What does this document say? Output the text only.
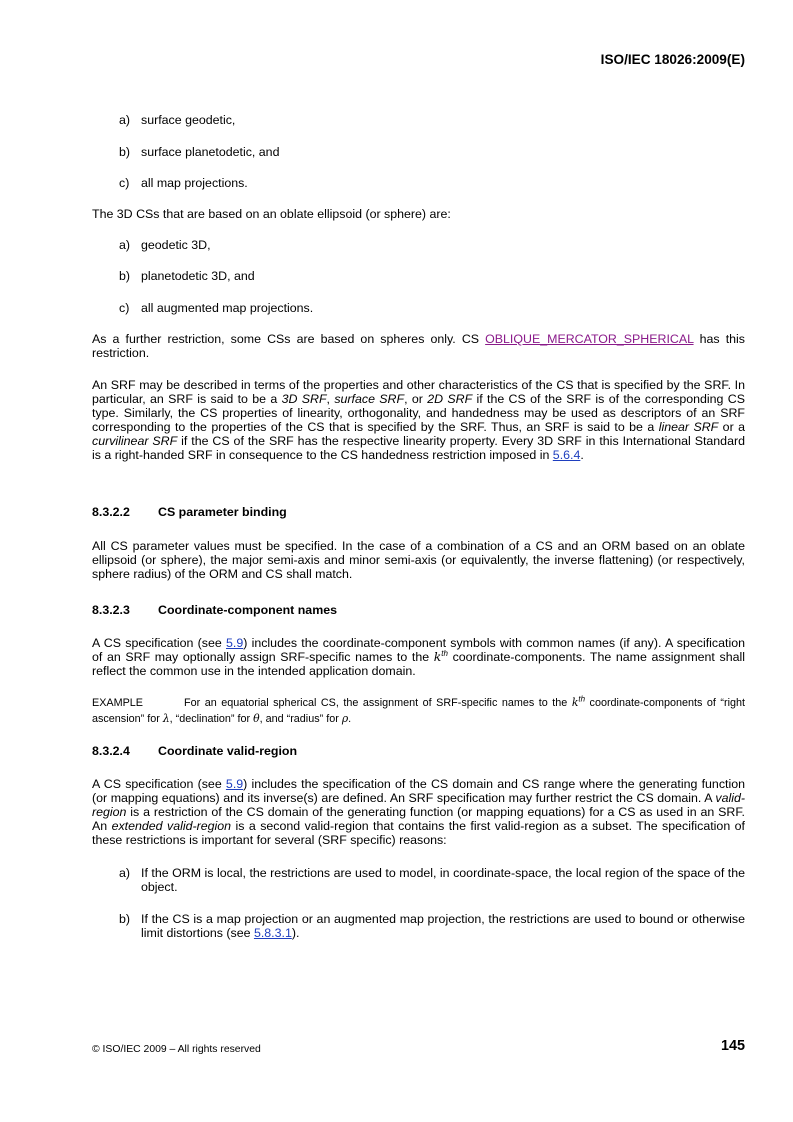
ISO/IEC 18026:2009(E)
a) surface geodetic,
b) surface planetodetic, and
c) all map projections.
The 3D CSs that are based on an oblate ellipsoid (or sphere) are:
a) geodetic 3D,
b) planetodetic 3D, and
c) all augmented map projections.
As a further restriction, some CSs are based on spheres only. CS OBLIQUE_MERCATOR_SPHERICAL has this restriction.
An SRF may be described in terms of the properties and other characteristics of the CS that is specified by the SRF. In particular, an SRF is said to be a 3D SRF, surface SRF, or 2D SRF if the CS of the SRF is of the corresponding CS type. Similarly, the CS properties of linearity, orthogonality, and handedness may be used as descriptors of an SRF corresponding to the properties of the CS that is specified by the SRF. Thus, an SRF is said to be a linear SRF or a curvilinear SRF if the CS of the SRF has the respective linearity property. Every 3D SRF in this International Standard is a right-handed SRF in consequence to the CS handedness restriction imposed in 5.6.4.
8.3.2.2 CS parameter binding
All CS parameter values must be specified. In the case of a combination of a CS and an ORM based on an oblate ellipsoid (or sphere), the major semi-axis and minor semi-axis (or equivalently, the inverse flattening) (or respectively, sphere radius) of the ORM and CS shall match.
8.3.2.3 Coordinate-component names
A CS specification (see 5.9) includes the coordinate-component symbols with common names (if any). A specification of an SRF may optionally assign SRF-specific names to the $k^{th}$ coordinate-components. The name assignment shall reflect the common use in the intended application domain.
EXAMPLE	For an equatorial spherical CS, the assignment of SRF-specific names to the $k^{th}$ coordinate-components of “right ascension” for λ, “declination” for θ, and “radius” for ρ.
8.3.2.4 Coordinate valid-region
A CS specification (see 5.9) includes the specification of the CS domain and CS range where the generating function (or mapping equations) and its inverse(s) are defined. An SRF specification may further restrict the CS domain. A valid-region is a restriction of the CS domain of the generating function (or mapping equations) for a CS as used in an SRF. An extended valid-region is a second valid-region that contains the first valid-region as a subset. The specification of these restrictions is important for several (SRF specific) reasons:
a) If the ORM is local, the restrictions are used to model, in coordinate-space, the local region of the space of the object.
b) If the CS is a map projection or an augmented map projection, the restrictions are used to bound or otherwise limit distortions (see 5.8.3.1).
© ISO/IEC 2009 – All rights reserved	145
